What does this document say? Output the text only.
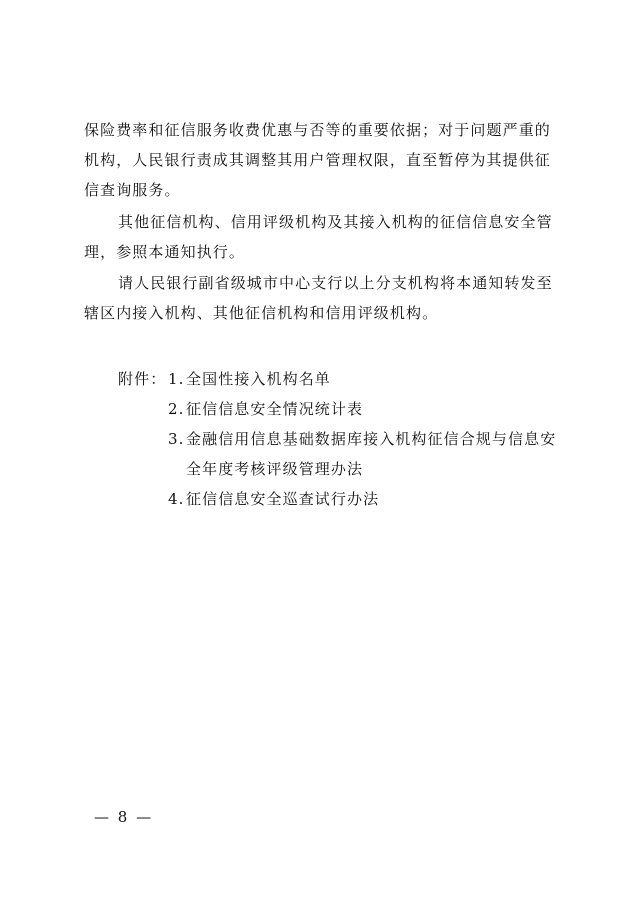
保险费率和征信服务收费优惠与否等的重要依据；对于问题严重的机构，人民银行责成其调整其用户管理权限，直至暂停为其提供征信查询服务。

其他征信机构、信用评级机构及其接入机构的征信信息安全管理，参照本通知执行。

请人民银行副省级城市中心支行以上分支机构将本通知转发至辖区内接入机构、其他征信机构和信用评级机构。

附件： 1. 全国性接入机构名单
2. 征信信息安全情况统计表
3. 金融信用信息基础数据库接入机构征信合规与信息安全年度考核评级管理办法
4. 征信信息安全巡查试行办法
— 8 —
